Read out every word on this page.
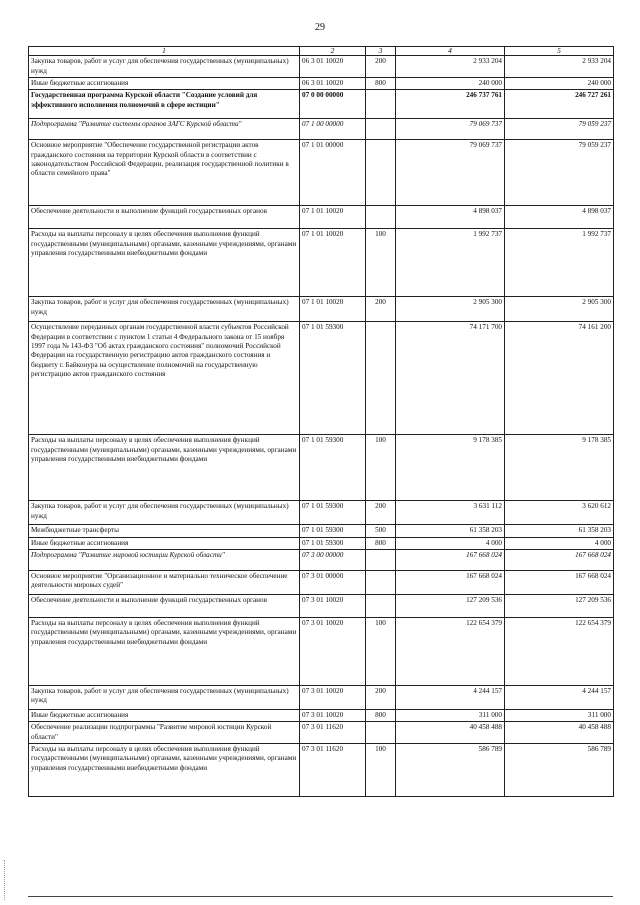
29
1	2	3	4	5
Закупка товаров, работ и услуг для обеспечения государственных (муниципальных) нужд	06 3 01 10020	200	2 933 204	2 933 204
Иные бюджетные ассигнования	06 3 01 10020	800	240 000	240 000
Государственная программа Курской области "Создание условий для эффективного исполнения полномочий в сфере юстиции"	07 0 00 00000		246 737 761	246 727 261
Подпрограмма "Развитие системы органов ЗАГС Курской области"	07 1 00 00000		79 069 737	79 059 237
Основное мероприятие "Обеспечение государственной регистрации актов гражданского состояния на территории Курской области в соответствии с законодательством Российской Федерации, реализация государственной политики в области семейного права"	07 1 01 00000		79 069 737	79 059 237
Обеспечение деятельности и выполнение функций государственных органов	07 1 01 10020		4 898 037	4 898 037
Расходы на выплаты персоналу в целях обеспечения выполнения функций государственными (муниципальными) органами, казенными учреждениями, органами управления государственными внебюджетными фондами	07 1 01 10020	100	1 992 737	1 992 737
Закупка товаров, работ и услуг для обеспечения государственных (муниципальных) нужд	07 1 01 10020	200	2 905 300	2 905 300
Осуществление переданных органам государственной власти субъектов Российской Федерации в соответствии с пунктом 1 статьи 4 Федерального закона от 15 ноября 1997 года № 143-ФЗ "Об актах гражданского состояния" полномочий Российской Федерации на государственную регистрацию актов гражданского состояния и бюджету г. Байконура на осуществление полномочий на государственную регистрацию актов гражданского состояния	07 1 01 59300		74 171 700	74 161 200
Расходы на выплаты персоналу в целях обеспечения выполнения функций государственными (муниципальными) органами, казенными учреждениями, органами управления государственными внебюджетными фондами	07 1 01 59300	100	9 178 385	9 178 385
Закупка товаров, работ и услуг для обеспечения государственных (муниципальных) нужд	07 1 01 59300	200	3 631 112	3 620 612
Межбюджетные трансферты	07 1 01 59300	500	61 358 203	61 358 203
Иные бюджетные ассигнования	07 1 01 59300	800	4 000	4 000
Подпрограмма "Развитие мировой юстиции Курской области"	07 3 00 00000		167 668 024	167 668 024
Основное мероприятие "Организационное и материально техническое обеспечение деятельности мировых судей"	07 3 01 00000		167 668 024	167 668 024
Обеспечение деятельности и выполнение функций государственных органов	07 3 01 10020		127 209 536	127 209 536
Расходы на выплаты персоналу в целях обеспечения выполнения функций государственными (муниципальными) органами, казенными учреждениями, органами управления государственными внебюджетными фондами	07 3 01 10020	100	122 654 379	122 654 379
Закупка товаров, работ и услуг для обеспечения государственных (муниципальных) нужд	07 3 01 10020	200	4 244 157	4 244 157
Иные бюджетные ассигнования	07 3 01 10020	800	311 000	311 000
Обеспечение реализации подпрограммы "Развитие мировой юстиции Курской области"	07 3 01 11620		40 458 488	40 458 488
Расходы на выплаты персоналу в целях обеспечения выполнения функций государственными (муниципальными) органами, казенными учреждениями, органами управления государственными внебюджетными фондами	07 3 01 11620	100	586 789	586 789
